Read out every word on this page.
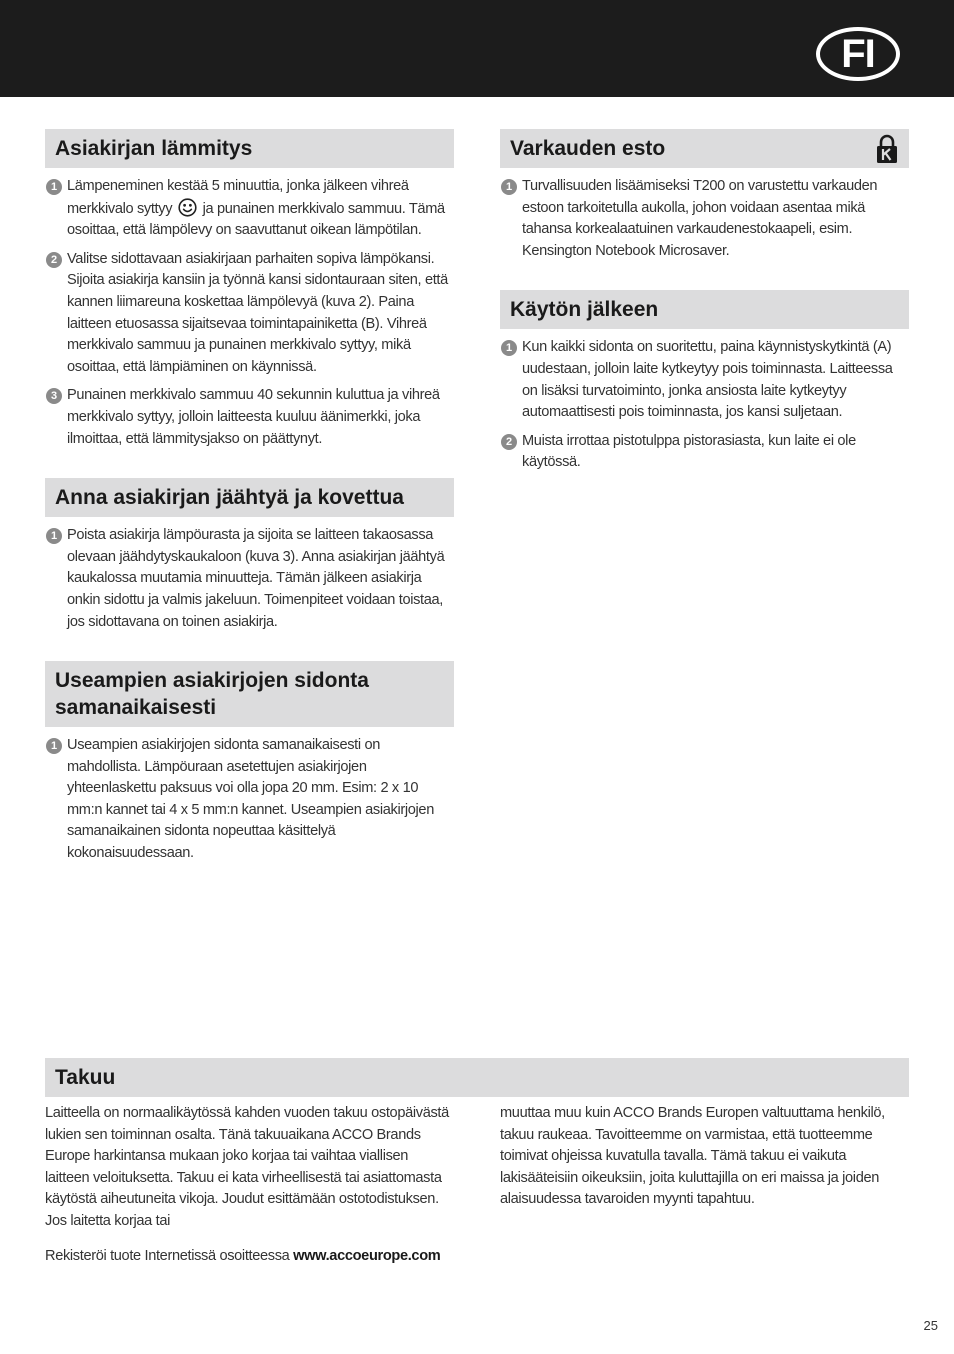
FI
Asiakirjan lämmitys
1 Lämpeneminen kestää 5 minuuttia, jonka jälkeen vihreä merkkivalo syttyy ja punainen merkkivalo sammuu. Tämä osoittaa, että lämpölevy on saavuttanut oikean lämpötilan.
2 Valitse sidottavaan asiakirjaan parhaiten sopiva lämpökansi. Sijoita asiakirja kansiin ja työnnä kansi sidontauraan siten, että kannen liimareuna koskettaa lämpölevyä (kuva 2). Paina laitteen etuosassa sijaitsevaa toimintapainiketta (B). Vihreä merkkivalo sammuu ja punainen merkkivalo syttyy, mikä osoittaa, että lämpiäminen on käynnissä.
3 Punainen merkkivalo sammuu 40 sekunnin kuluttua ja vihreä merkkivalo syttyy, jolloin laitteesta kuuluu äänimerkki, joka ilmoittaa, että lämmitysjakso on päättynyt.
Anna asiakirjan jäähtyä ja kovettua
1 Poista asiakirja lämpöurasta ja sijoita se laitteen takaosassa olevaan jäähdytyskaukaloon (kuva 3). Anna asiakirjan jäähtyä kaukalossa muutamia minuutteja. Tämän jälkeen asiakirja onkin sidottu ja valmis jakeluun. Toimenpiteet voidaan toistaa, jos sidottavana on toinen asiakirja.
Useampien asiakirjojen sidonta samanaikaisesti
1 Useampien asiakirjojen sidonta samanaikaisesti on mahdollista. Lämpöuraan asetettujen asiakirjojen yhteenlaskettu paksuus voi olla jopa 20 mm. Esim: 2 x 10 mm:n kannet tai 4 x 5 mm:n kannet. Useampien asiakirjojen samanaikainen sidonta nopeuttaa käsittelyä kokonaisuudessaan.
Varkauden esto
1 Turvallisuuden lisäämiseksi T200 on varustettu varkauden estoon tarkoitetulla aukolla, johon voidaan asentaa mikä tahansa korkealaatuinen varkaudenestokaapeli, esim. Kensington Notebook Microsaver.
Käytön jälkeen
1 Kun kaikki sidonta on suoritettu, paina käynnistyskytkintä (A) uudestaan, jolloin laite kytkeytyy pois toiminnasta. Laitteessa on lisäksi turvatoiminto, jonka ansiosta laite kytkeytyy automaattisesti pois toiminnasta, jos kansi suljetaan.
2 Muista irrottaa pistotulppa pistorasiasta, kun laite ei ole käytössä.
Takuu
Laitteella on normaalikäytössä kahden vuoden takuu ostopäivästä lukien sen toiminnan osalta. Tänä takuuaikana ACCO Brands Europe harkintansa mukaan joko korjaa tai vaihtaa viallisen laitteen veloituksetta. Takuu ei kata virheellisestä tai asiattomasta käytöstä aiheutuneita vikoja. Joudut esittämään ostotodistuksen. Jos laitetta korjaa tai
muuttaa muu kuin ACCO Brands Europen valtuuttama henkilö, takuu raukeaa. Tavoitteemme on varmistaa, että tuotteemme toimivat ohjeissa kuvatulla tavalla. Tämä takuu ei vaikuta lakisääteisiin oikeuksiin, joita kuluttajilla on eri maissa ja joiden alaisuudessa tavaroiden myynti tapahtuu.
Rekisteröi tuote Internetissä osoitteessa www.accoeurope.com
25
